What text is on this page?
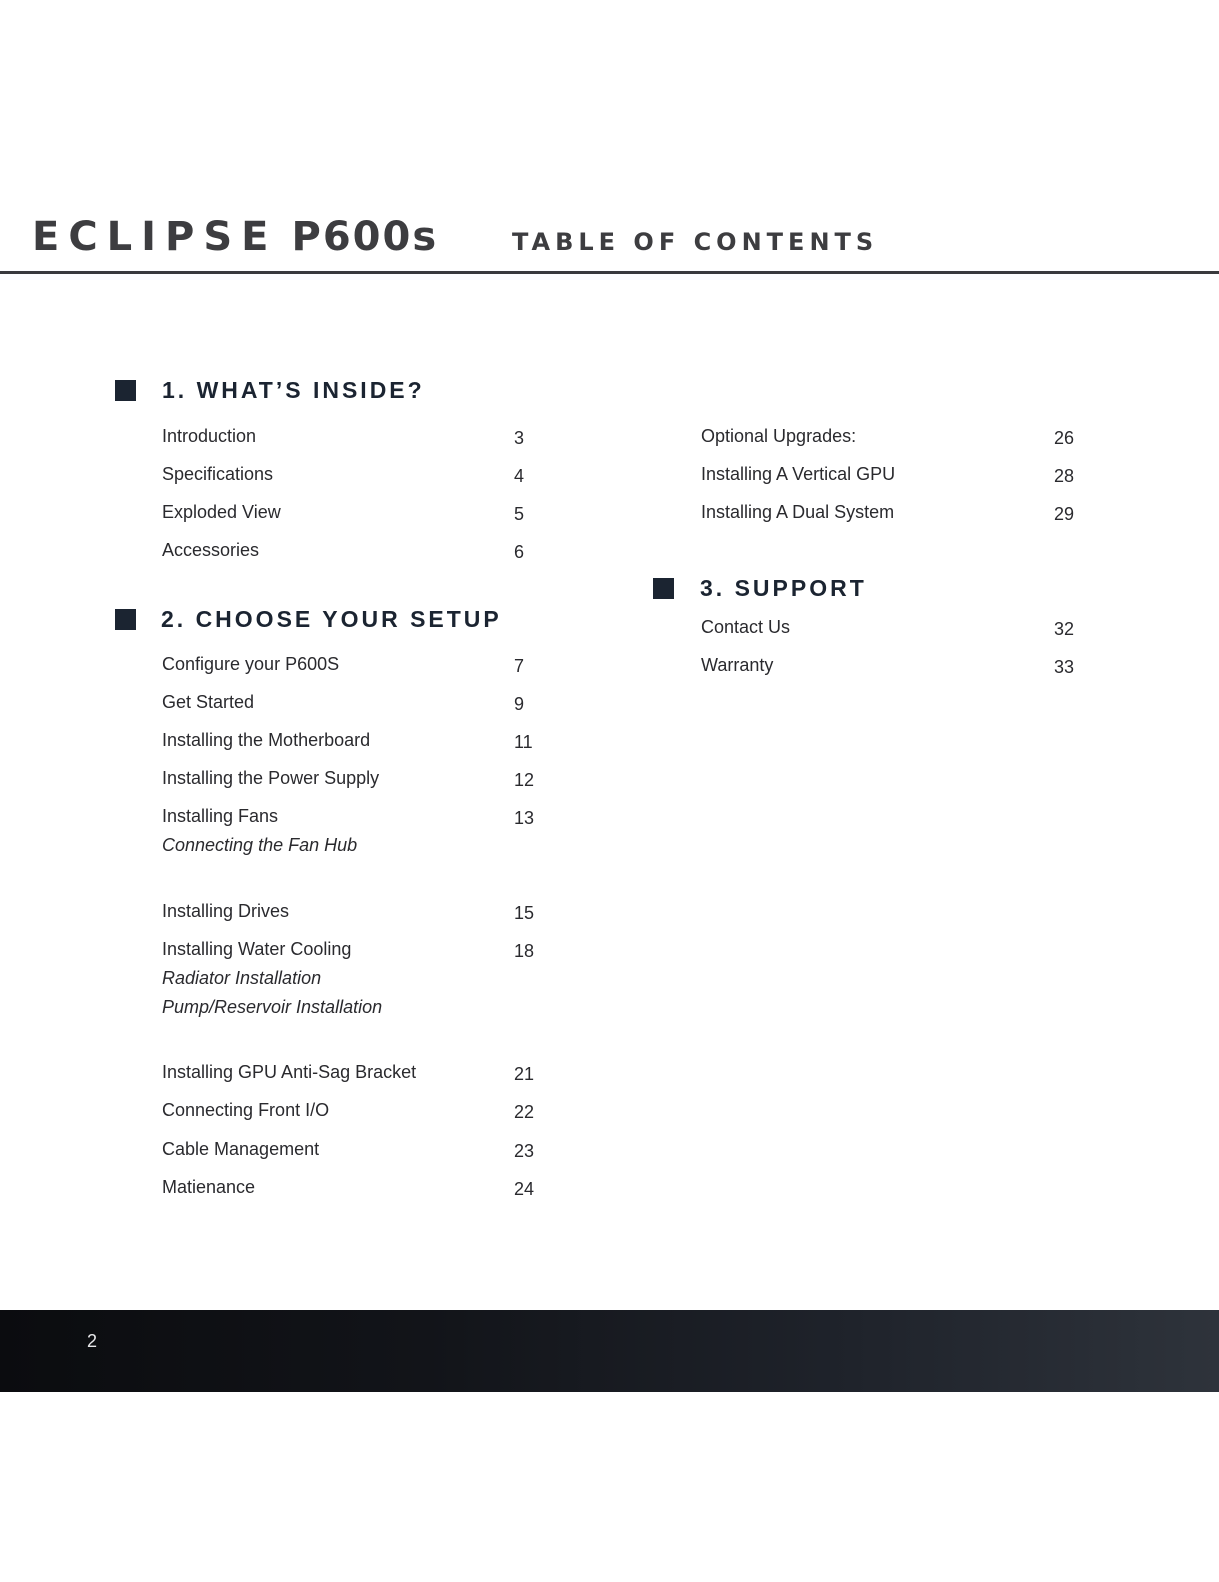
ECLIPSE P600s	TABLE OF CONTENTS
1. WHAT’S INSIDE?
Introduction	3
Specifications	4
Exploded View	5
Accessories	6
2. CHOOSE YOUR SETUP
Configure your P600S	7
Get Started	9
Installing the Motherboard	11
Installing the Power Supply	12
Installing Fans	13
Connecting the Fan Hub
Installing Drives	15
Installing Water Cooling	18
Radiator Installation
Pump/Reservoir Installation
Installing GPU Anti-Sag Bracket	21
Connecting Front I/O	22
Cable Management	23
Matienance	24
Optional Upgrades:	26
Installing A Vertical GPU	28
Installing A Dual System	29
3. SUPPORT
Contact Us	32
Warranty	33
2
